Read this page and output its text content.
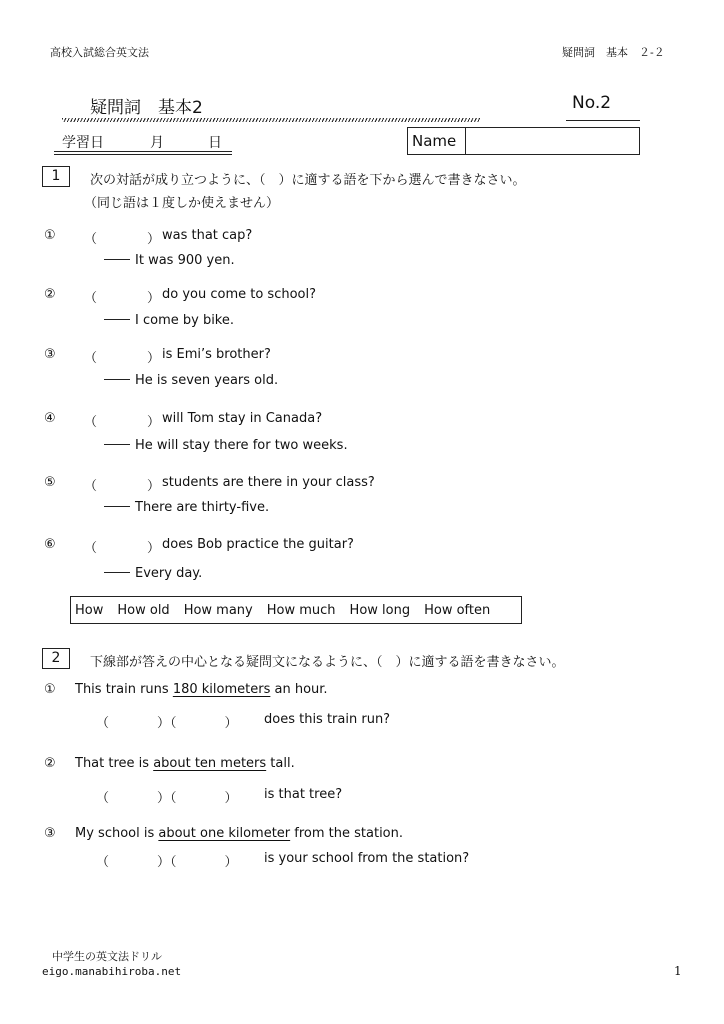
高校入試総合英文法	疑問詞　基本　２-２
疑問詞　基本2	No.2
学習日	月	日	Name
1	次の対話が成り立つように、（　）に適する語を下から選んで書きなさい。
（同じ語は１度しか使えません）
① （	） was that cap?
It was 900 yen.
② （	） do you come to school?
I come by bike.
③ （	） is Emi’s brother?
He is seven years old.
④ （	） will Tom stay in Canada?
He will stay there for two weeks.
⑤ （	） students are there in your class?
There are thirty-five.
⑥ （	） does Bob practice the guitar?
Every day.
How How old How many How much How long How often
2	下線部が答えの中心となる疑問文になるように、（　）に適する語を書きなさい。
① This train runs 180 kilometers an hour.
（	）（	） does this train run?
② That tree is about ten meters tall.
（	）（	） is that tree?
③ My school is about one kilometer from the station.
（	）（	） is your school from the station?
中学生の英文法ドリル
eigo.manabihiroba.net	1
